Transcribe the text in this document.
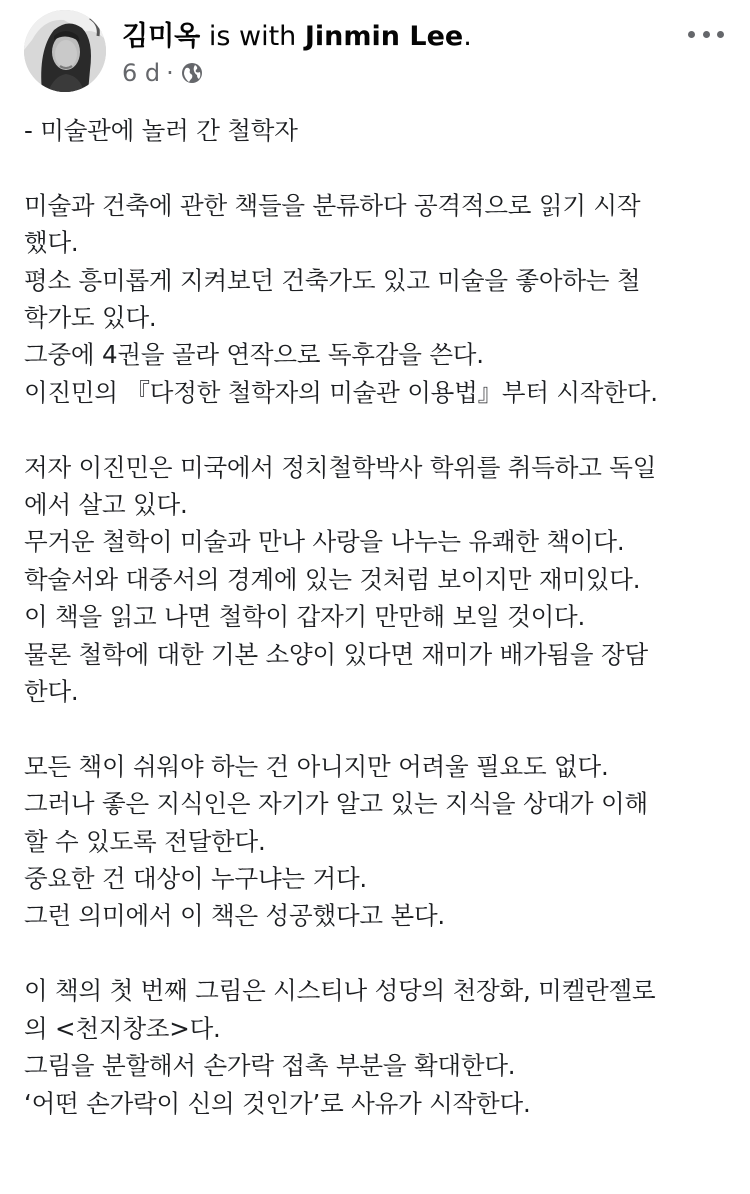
김미옥 is with Jinmin Lee.
6 d ·

- 미술관에 놀러 간 철학자

미술과 건축에 관한 책들을 분류하다 공격적으로 읽기 시작

했다.

평소 흥미롭게 지켜보던 건축가도 있고 미술을 좋아하는 철

학가도 있다.

그중에 4권을 골라 연작으로 독후감을 쓴다.

이진민의 『다정한 철학자의 미술관 이용법』부터 시작한다.

저자 이진민은 미국에서 정치철학박사 학위를 취득하고 독일

에서 살고 있다.

무거운 철학이 미술과 만나 사랑을 나누는 유쾌한 책이다.

학술서와 대중서의 경계에 있는 것처럼 보이지만 재미있다.

이 책을 읽고 나면 철학이 갑자기 만만해 보일 것이다.

물론 철학에 대한 기본 소양이 있다면 재미가 배가됨을 장담

한다.

모든 책이 쉬워야 하는 건 아니지만 어려울 필요도 없다.

그러나 좋은 지식인은 자기가 알고 있는 지식을 상대가 이해

할 수 있도록 전달한다.

중요한 건 대상이 누구냐는 거다.

그런 의미에서 이 책은 성공했다고 본다.

이 책의 첫 번째 그림은 시스티나 성당의 천장화, 미켈란젤로

의 <천지창조>다.

그림을 분할해서 손가락 접촉 부분을 확대한다.

‘어떤 손가락이 신의 것인가’로 사유가 시작한다.
